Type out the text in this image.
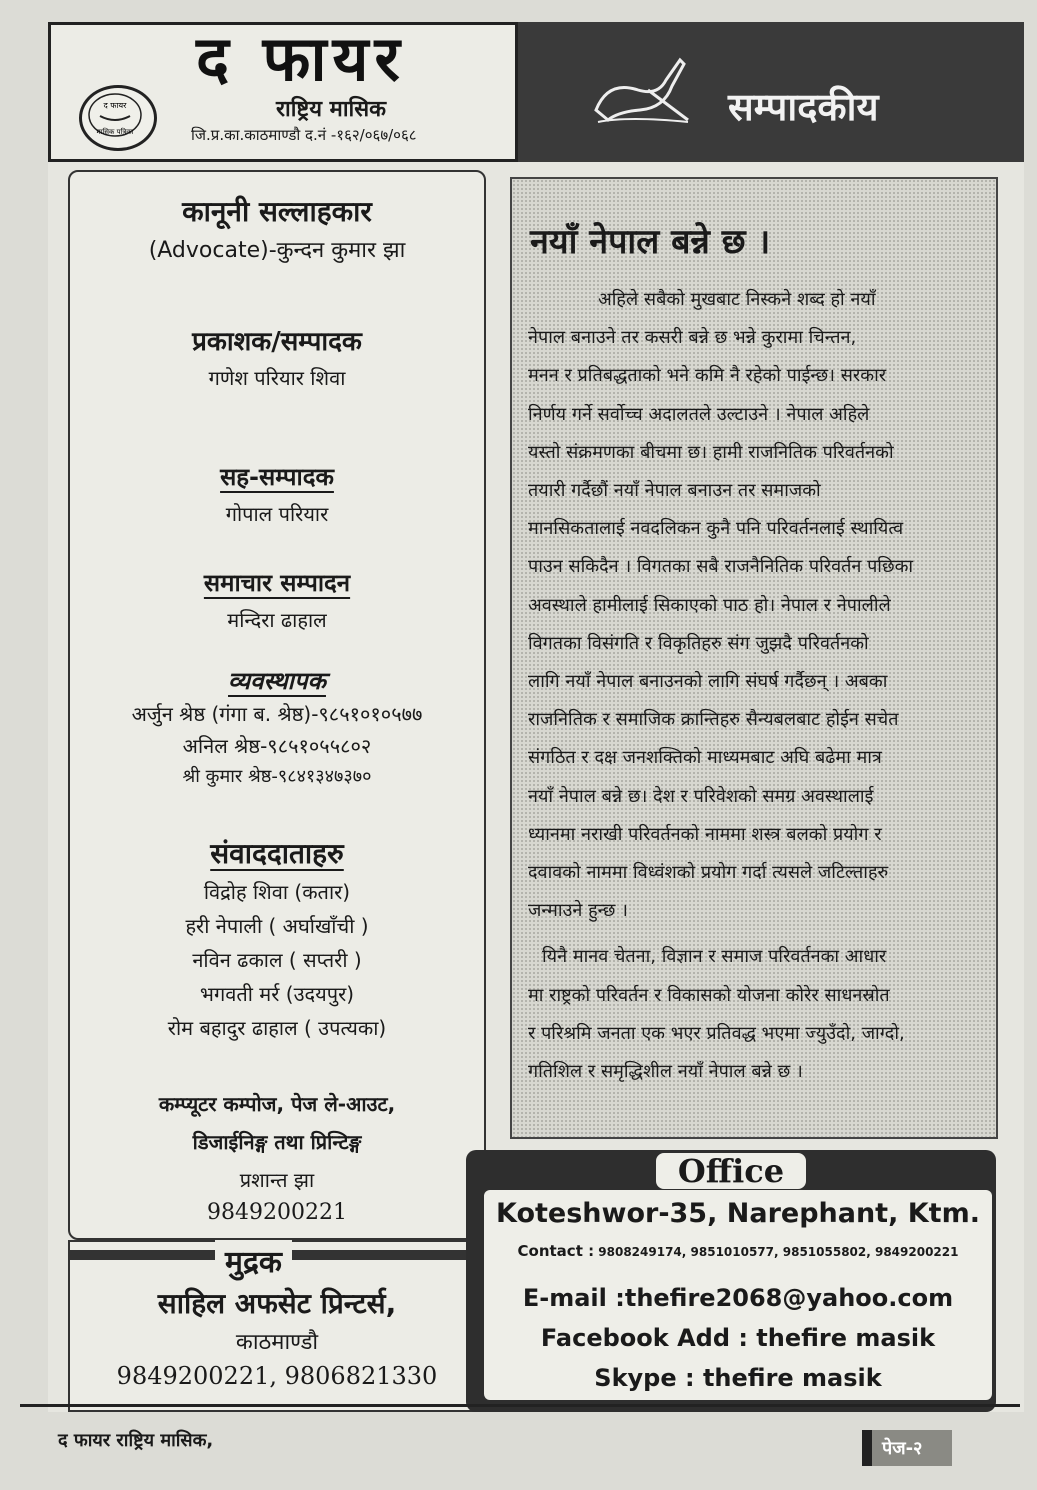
द फायर
द फायर
मासिक पत्रिका
राष्ट्रिय मासिक
जि.प्र.का.काठमाण्डौ द.नं -१६२/०६७/०६८
सम्पादकीय
कानूनी सल्लाहकार
(Advocate)-कुन्दन कुमार झा
प्रकाशक/सम्पादक
गणेश परियार शिवा
सह-सम्पादक
गोपाल परियार
समाचार सम्पादन
मन्दिरा ढाहाल
व्यवस्थापक
अर्जुन श्रेष्ठ (गंगा ब. श्रेष्ठ)-९८५१०१०५७७
अनिल श्रेष्ठ-९८५१०५५८०२
श्री कुमार श्रेष्ठ-९८४१३४७३७०
संवाददाताहरु
विद्रोह शिवा (कतार)
हरी नेपाली ( अर्घाखाँची )
नविन ढकाल ( सप्तरी )
भगवती मर्र (उदयपुर)
रोम बहादुर ढाहाल ( उपत्यका)
कम्प्यूटर कम्पोज, पेज ले-आउट,
डिजाईनिङ्ग तथा प्रिन्टिङ्ग
प्रशान्त झा
9849200221
मुद्रक
साहिल अफसेट प्रिन्टर्स,
काठमाण्डौ
9849200221, 9806821330
नयाँ नेपाल बन्ने छ ।
अहिले सबैको मुखबाट निस्कने शब्द हो नयाँ
नेपाल बनाउने तर कसरी बन्ने छ भन्ने कुरामा चिन्तन,
मनन र प्रतिबद्धताको भने कमि नै रहेको पाईन्छ। सरकार
निर्णय गर्ने सर्वोच्च अदालतले उल्टाउने । नेपाल अहिले
यस्तो संक्रमणका बीचमा छ। हामी राजनितिक परिवर्तनको
तयारी गर्दैछौं नयाँ नेपाल बनाउन तर समाजको
मानसिकतालाई नवदलिकन कुनै पनि परिवर्तनलाई स्थायित्व
पाउन सकिदैन । विगतका सबै राजनैनितिक परिवर्तन पछिका
अवस्थाले हामीलाई सिकाएको पाठ हो। नेपाल र नेपालीले
विगतका विसंगति र विकृतिहरु संग जुझदै परिवर्तनको
लागि नयाँ नेपाल बनाउनको लागि संघर्ष गर्दैछन् । अबका
राजनितिक र समाजिक क्रान्तिहरु सैन्यबलबाट होईन सचेत
संगठित र दक्ष जनशक्तिको माध्यमबाट अघि बढेमा मात्र
नयाँ नेपाल बन्ने छ। देश र परिवेशको समग्र अवस्थालाई
ध्यानमा नराखी परिवर्तनको नाममा शस्त्र बलको प्रयोग र
दवावको नाममा विध्वंशको प्रयोग गर्दा त्यसले जटिल्ताहरु
जन्माउने हुन्छ ।
यिनै मानव चेतना, विज्ञान र समाज परिवर्तनका आधार
मा राष्ट्रको परिवर्तन र विकासको योजना कोरेर साधनस्रोत
र परिश्रमि जनता एक भएर प्रतिवद्ध भएमा ज्युउँदो, जाग्दो,
गतिशिल र समृद्धिशील नयाँ नेपाल बन्ने छ ।
Office
Koteshwor-35, Narephant, Ktm.
Contact : 9808249174, 9851010577, 9851055802, 9849200221
E-mail :thefire2068@yahoo.com
Facebook Add : thefire masik
Skype : thefire masik
द फायर राष्ट्रिय मासिक,	पेज-२
